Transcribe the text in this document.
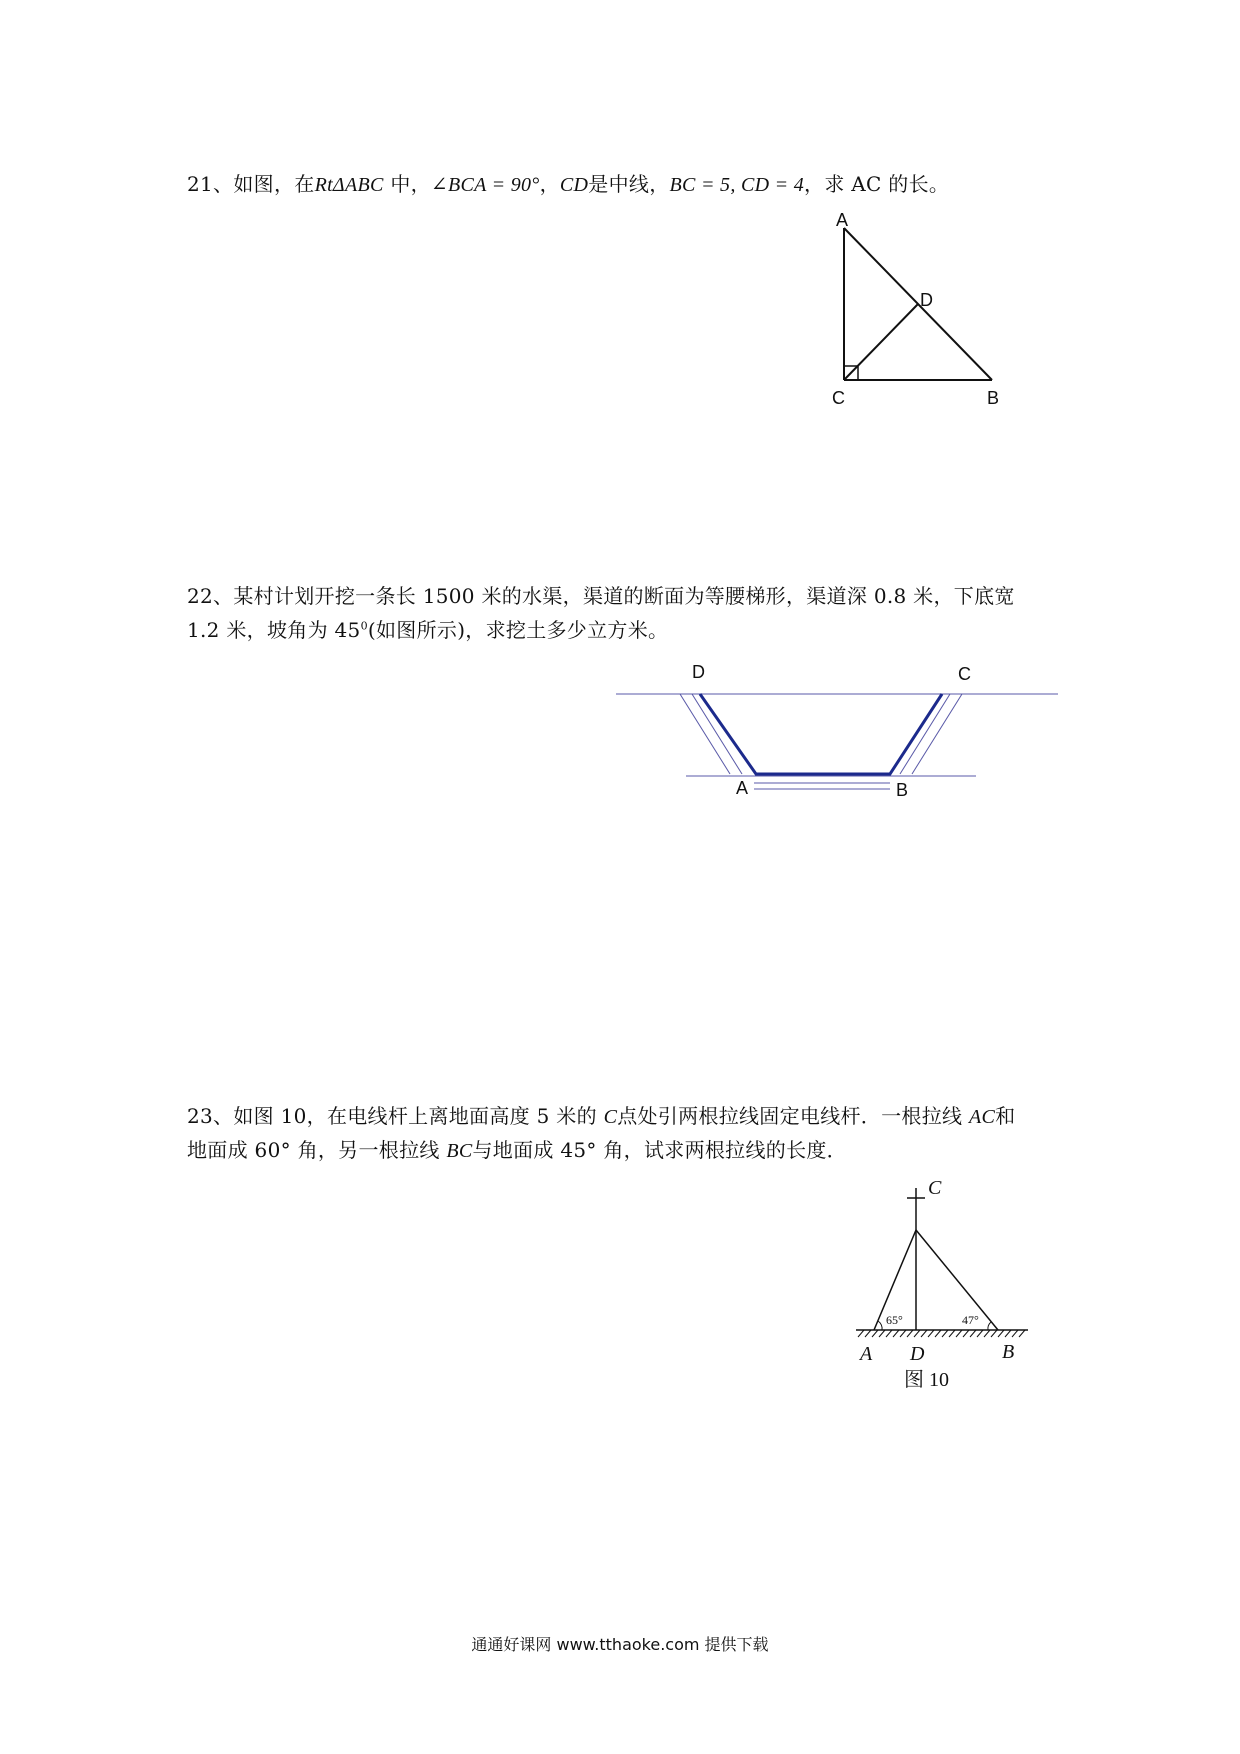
21、如图，在RtΔABC 中，∠BCA = 90°，CD是中线，BC = 5, CD = 4，求 AC 的长。
A
D
C	B
22、某村计划开挖一条长 1500 米的水渠，渠道的断面为等腰梯形，渠道深 0.8 米，下底宽
1.2 米，坡角为 $45^0$(如图所示)，求挖土多少立方米。
D	C
A	B
23、如图 10，在电线杆上离地面高度 5 米的 C点处引两根拉线固定电线杆．一根拉线 AC和
地面成 60° 角，另一根拉线 BC与地面成 45° 角，试求两根拉线的长度．
C
65°	47°
A D	B
图 10
通通好课网 www.tthaoke.com 提供下载
